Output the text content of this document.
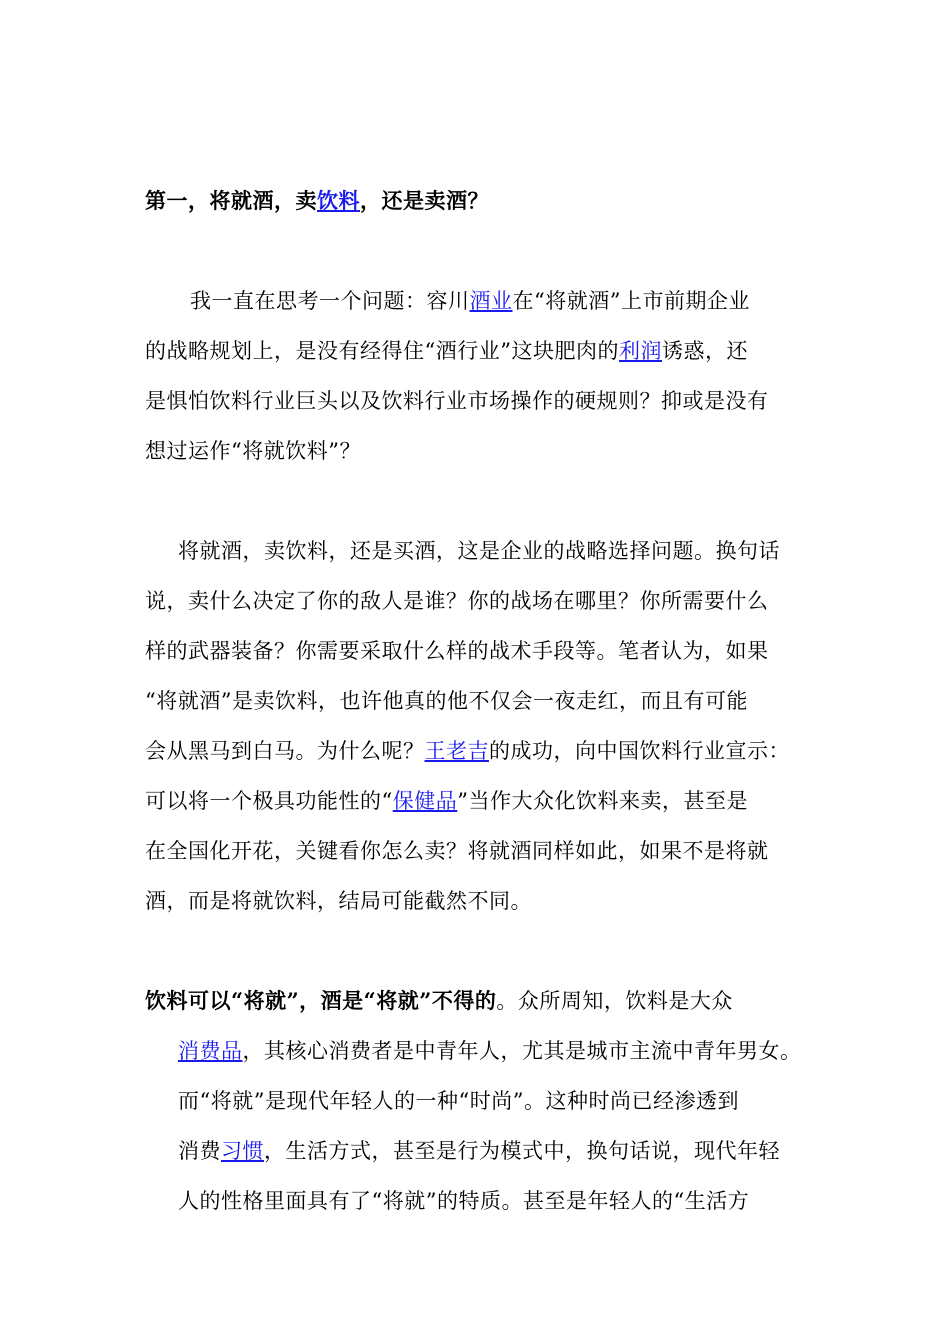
第一，将就酒，卖饮料，还是卖酒？
我一直在思考一个问题：容川酒业在“将就酒”上市前期企业
的战略规划上，是没有经得住“酒行业”这块肥肉的利润诱惑，还
是惧怕饮料行业巨头以及饮料行业市场操作的硬规则？抑或是没有
想过运作“将就饮料”？
将就酒，卖饮料，还是买酒，这是企业的战略选择问题。换句话
说，卖什么决定了你的敌人是谁？你的战场在哪里？你所需要什么
样的武器装备？你需要采取什么样的战术手段等。笔者认为，如果
“将就酒”是卖饮料，也许他真的他不仅会一夜走红，而且有可能
会从黑马到白马。为什么呢？王老吉的成功，向中国饮料行业宣示：
可以将一个极具功能性的“保健品”当作大众化饮料来卖，甚至是
在全国化开花，关键看你怎么卖？将就酒同样如此，如果不是将就
酒，而是将就饮料，结局可能截然不同。
饮料可以“将就”，酒是“将就”不得的。众所周知，饮料是大众
消费品，其核心消费者是中青年人，尤其是城市主流中青年男女。
而“将就”是现代年轻人的一种“时尚”。这种时尚已经渗透到
消费习惯，生活方式，甚至是行为模式中，换句话说，现代年轻
人的性格里面具有了“将就”的特质。甚至是年轻人的“生活方
